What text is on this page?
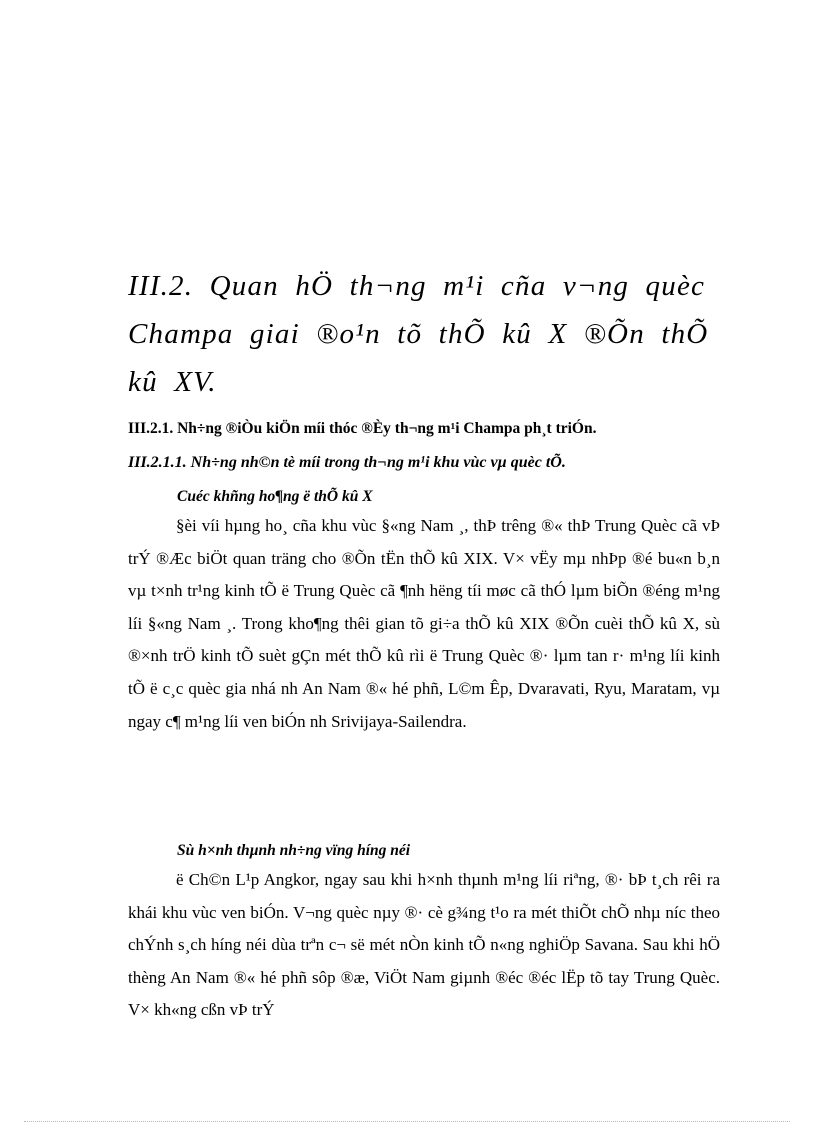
III.2. Quan hÖ th¬ng m¹i cña v¬ng quèc Champa giai ®o¹n tõ thÕ kû X ®Õn thÕ kû XV.
III.2.1. Nh÷ng ®iÒu kiÖn míi thóc ®Èy th¬ng m¹i Champa ph¸t triÓn.
III.2.1.1. Nh÷ng nh©n tè míi trong th¬ng m¹i khu vùc vµ quèc tÕ.
Cuéc khñng ho¶ng ë thÕ kû X

§èi víi hµng ho¸ cña khu vùc §«ng Nam ¸, thÞ trêng ®« thÞ Trung Quèc cã vÞ trÝ ®Æc biÖt quan träng cho ®Õn tËn thÕ kû XIX. V× vËy mµ nhÞp ®é bu«n b¸n vµ t×nh tr¹ng kinh tÕ ë Trung Quèc cã ¶nh hëng tíi møc cã thÓ lµm biÕn ®éng m¹ng líi §«ng Nam ¸. Trong kho¶ng thêi gian tõ gi÷a thÕ kû XIX ®Õn cuèi thÕ kû X, sù ®×nh trÖ kinh tÕ suèt gÇn mét thÕ kû rìi ë Trung Quèc ®· lµm tan r· m¹ng líi kinh tÕ ë c¸c quèc gia nhá nh An Nam ®« hé phñ, L©m Êp, Dvaravati, Ryu, Maratam, vµ ngay c¶ m¹ng líi ven biÓn nh Srivijaya-Sailendra.

Sù h×nh thµnh nh÷ng vïng híng néi

ë Ch©n L¹p Angkor, ngay sau khi h×nh thµnh m¹ng líi riªng, ®· bÞ t¸ch rêi ra khái khu vùc ven biÓn. V¬ng quèc nµy ®· cè g¾ng t¹o ra mét thiÕt chÕ nhµ níc theo chÝnh s¸ch híng néi dùa trªn c¬ së mét nÒn kinh tÕ n«ng nghiÖp Savana. Sau khi hÖ thèng An Nam ®« hé phñ sôp ®æ, ViÖt Nam giµnh ®éc ®éc lËp tõ tay Trung Quèc. V× kh«ng cßn vÞ trÝ
